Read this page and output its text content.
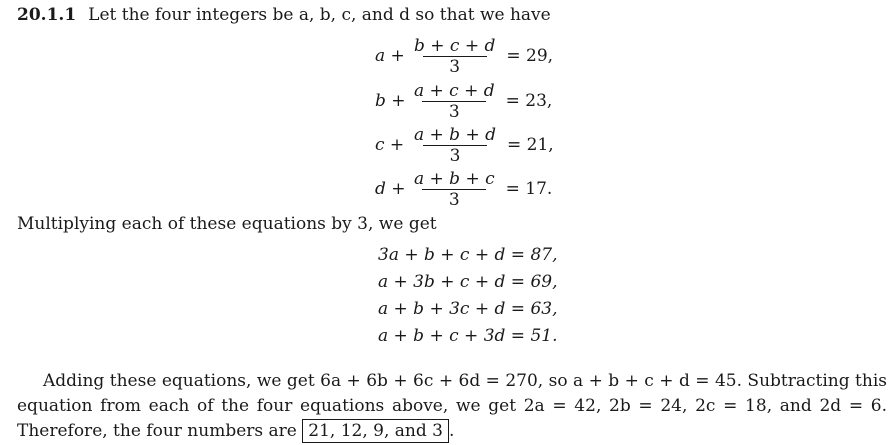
20.1.1 Let the four integers be a, b, c, and d so that we have
$a + \frac{b + c + d}{3} = 29$,
$b + \frac{a + c + d}{3} = 23$,
$c + \frac{a + b + d}{3} = 21$,
$d + \frac{a + b + c}{3} = 17$.
Multiplying each of these equations by 3, we get
3a + b + c + d = 87,
a + 3b + c + d = 69,
a + b + 3c + d = 63,
a + b + c + 3d = 51.
Adding these equations, we get 6a + 6b + 6c + 6d = 270, so a + b + c + d = 45. Subtracting this equation from each of the four equations above, we get 2a = 42, 2b = 24, 2c = 18, and 2d = 6. Therefore, the four numbers are 21, 12, 9, and 3 .
